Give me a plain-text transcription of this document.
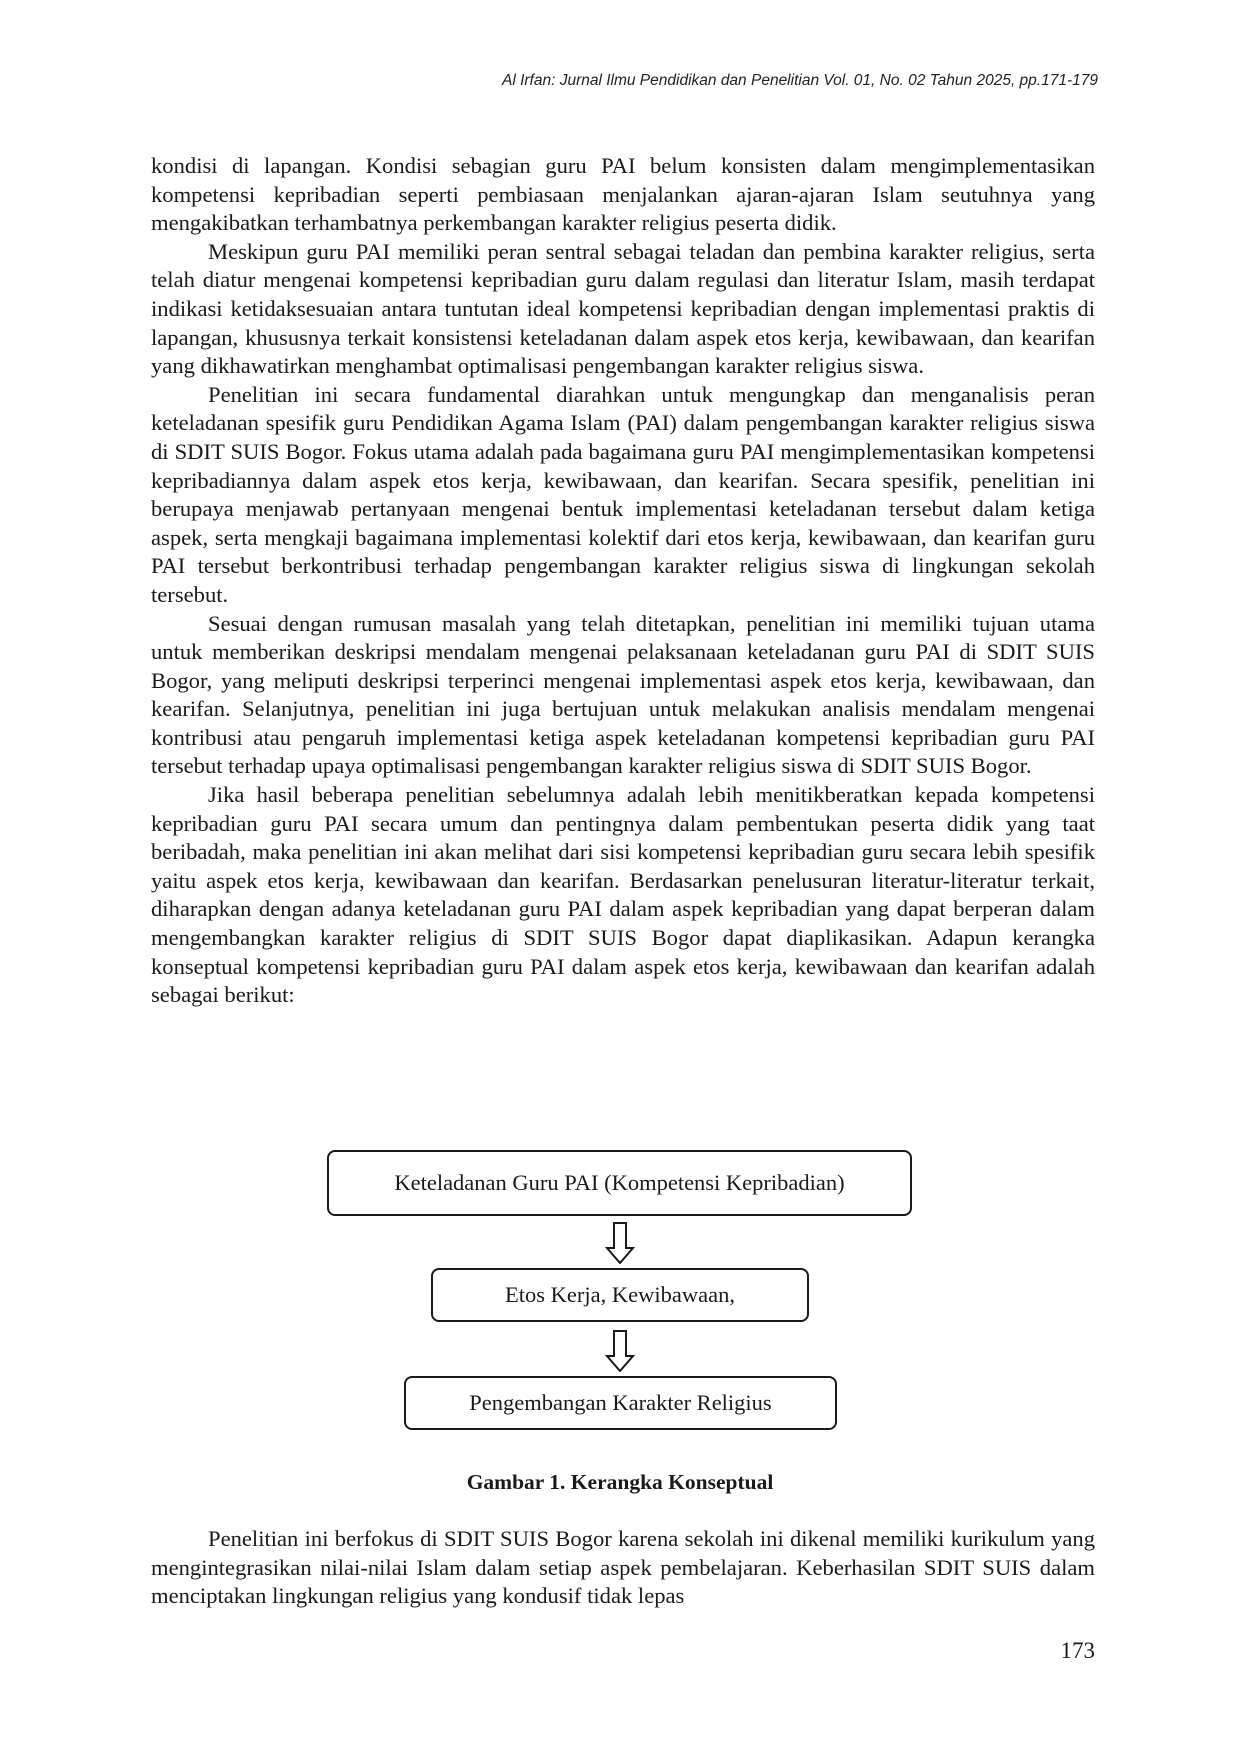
Al Irfan: Jurnal Ilmu Pendidikan dan Penelitian Vol. 01, No. 02 Tahun 2025, pp.171-179

kondisi di lapangan. Kondisi sebagian guru PAI belum konsisten dalam mengimplementasikan kompetensi kepribadian seperti pembiasaan menjalankan ajaran-ajaran Islam seutuhnya yang mengakibatkan terhambatnya perkembangan karakter religius peserta didik.

Meskipun guru PAI memiliki peran sentral sebagai teladan dan pembina karakter religius, serta telah diatur mengenai kompetensi kepribadian guru dalam regulasi dan literatur Islam, masih terdapat indikasi ketidaksesuaian antara tuntutan ideal kompetensi kepribadian dengan implementasi praktis di lapangan, khususnya terkait konsistensi keteladanan dalam aspek etos kerja, kewibawaan, dan kearifan yang dikhawatirkan menghambat optimalisasi pengembangan karakter religius siswa.

Penelitian ini secara fundamental diarahkan untuk mengungkap dan menganalisis peran keteladanan spesifik guru Pendidikan Agama Islam (PAI) dalam pengembangan karakter religius siswa di SDIT SUIS Bogor. Fokus utama adalah pada bagaimana guru PAI mengimplementasikan kompetensi kepribadiannya dalam aspek etos kerja, kewibawaan, dan kearifan. Secara spesifik, penelitian ini berupaya menjawab pertanyaan mengenai bentuk implementasi keteladanan tersebut dalam ketiga aspek, serta mengkaji bagaimana implementasi kolektif dari etos kerja, kewibawaan, dan kearifan guru PAI tersebut berkontribusi terhadap pengembangan karakter religius siswa di lingkungan sekolah tersebut.

Sesuai dengan rumusan masalah yang telah ditetapkan, penelitian ini memiliki tujuan utama untuk memberikan deskripsi mendalam mengenai pelaksanaan keteladanan guru PAI di SDIT SUIS Bogor, yang meliputi deskripsi terperinci mengenai implementasi aspek etos kerja, kewibawaan, dan kearifan. Selanjutnya, penelitian ini juga bertujuan untuk melakukan analisis mendalam mengenai kontribusi atau pengaruh implementasi ketiga aspek keteladanan kompetensi kepribadian guru PAI tersebut terhadap upaya optimalisasi pengembangan karakter religius siswa di SDIT SUIS Bogor.

Jika hasil beberapa penelitian sebelumnya adalah lebih menitikberatkan kepada kompetensi kepribadian guru PAI secara umum dan pentingnya dalam pembentukan peserta didik yang taat beribadah, maka penelitian ini akan melihat dari sisi kompetensi kepribadian guru secara lebih spesifik yaitu aspek etos kerja, kewibawaan dan kearifan. Berdasarkan penelusuran literatur-literatur terkait, diharapkan dengan adanya keteladanan guru PAI dalam aspek kepribadian yang dapat berperan dalam mengembangkan karakter religius di SDIT SUIS Bogor dapat diaplikasikan. Adapun kerangka konseptual kompetensi kepribadian guru PAI dalam aspek etos kerja, kewibawaan dan kearifan adalah sebagai berikut:

Keteladanan Guru PAI (Kompetensi Kepribadian)
Etos Kerja, Kewibawaan,
Pengembangan Karakter Religius
Gambar 1. Kerangka Konseptual

Penelitian ini berfokus di SDIT SUIS Bogor karena sekolah ini dikenal memiliki kurikulum yang mengintegrasikan nilai-nilai Islam dalam setiap aspek pembelajaran. Keberhasilan SDIT SUIS dalam menciptakan lingkungan religius yang kondusif tidak lepas

173
